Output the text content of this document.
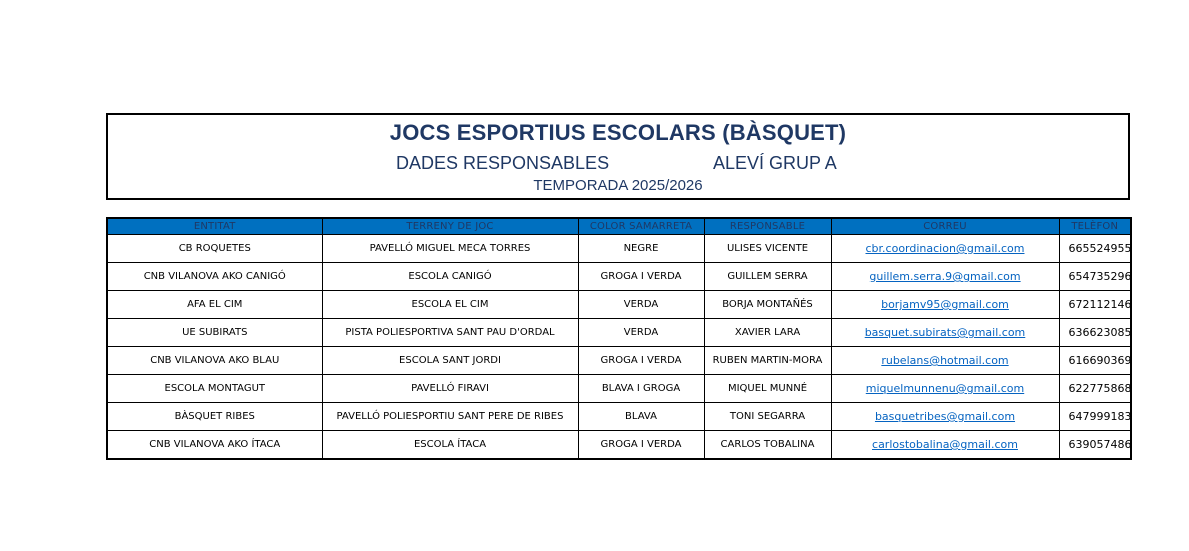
JOCS ESPORTIUS ESCOLARS (BÀSQUET)
DADES RESPONSABLES	ALEVÍ GRUP A
TEMPORADA 2025/2026
ENTITAT	TERRENY DE JOC	COLOR SAMARRETA	RESPONSABLE	CORREU	TELÈFON
CB ROQUETES	PAVELLÓ MIGUEL MECA TORRES	NEGRE	ULISES VICENTE	cbr.coordinacion@gmail.com	665524955
CNB VILANOVA AKO CANIGÓ	ESCOLA CANIGÓ	GROGA I VERDA	GUILLEM SERRA	guillem.serra.9@gmail.com	654735296
AFA EL CIM	ESCOLA EL CIM	VERDA	BORJA MONTAÑÉS	borjamv95@gmail.com	672112146
UE SUBIRATS	PISTA POLIESPORTIVA SANT PAU D'ORDAL	VERDA	XAVIER LARA	basquet.subirats@gmail.com	636623085
CNB VILANOVA AKO BLAU	ESCOLA SANT JORDI	GROGA I VERDA	RUBEN MARTIN-MORA	rubelans@hotmail.com	616690369
ESCOLA MONTAGUT	PAVELLÓ FIRAVI	BLAVA I GROGA	MIQUEL MUNNÉ	miquelmunnenu@gmail.com	622775868
BÀSQUET RIBES	PAVELLÓ POLIESPORTIU SANT PERE DE RIBES	BLAVA	TONI SEGARRA	basquetribes@gmail.com	647999183
CNB VILANOVA AKO ÍTACA	ESCOLA ÍTACA	GROGA I VERDA	CARLOS TOBALINA	carlostobalina@gmail.com	639057486
